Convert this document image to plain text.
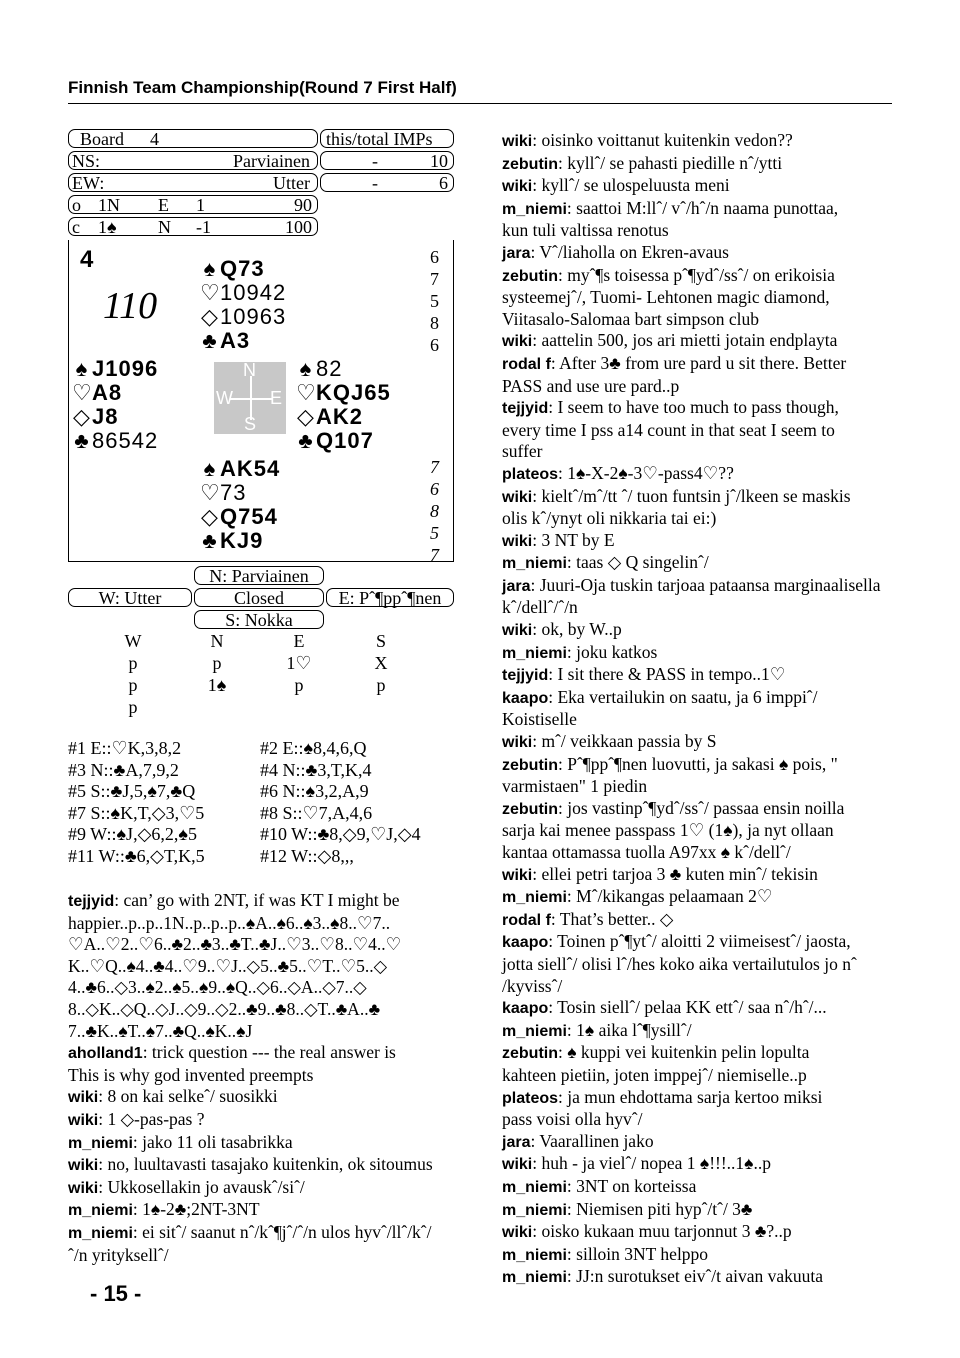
Finnish Team Championship(Round 7 First Half)
Board 4	this/total IMPs
NS:	Parviainen	-	10
EW:	Utter	-	6
o 1N E 1	90
c 1♠ N -1	100
4
110
♠ Q73
♡10942
◇10963
♣ A3
♠ J1096
♡A8
◇J8
♣ 86542
♠ 82
♡KQJ65
◇AK2
♣ Q107
♠ AK54
♡73
◇Q754
♣ KJ9
N
E
S
W
6
7
5
8
6
7
6
8
5
7
N: Parviainen
W: Utter	Closed	E: Pˆ¶ppˆ¶nen
S: Nokka
W	N	E	S
p	p	1♡	X
p	1♠	p	p
p
#1 E::♡K,3,8,2	#2 E::♠8,4,6,Q
#3 N::♣A,7,9,2	#4 N::♣3,T,K,4
#5 S::♣J,5,♠7,♣Q	#6 N::♠3,2,A,9
#7 S::♠K,T,◇3,♡5	#8 S::♡7,A,4,6
#9 W::♠J,◇6,2,♠5	#10 W::♣8,◇9,♡J,◇4
#11 W::♣6,◇T,K,5	#12 W::◇8,,,
tejjyid: can’ go with 2NT, if was KT I might be
happier..p..p..1N..p..p..p..♠A..♠6..♠3..♠8..♡7..
♡A..♡2..♡6..♣2..♣3..♣T..♣J..♡3..♡8..♡4..♡
K..♡Q..♠4..♣4..♡9..♡J..◇5..♣5..♡T..♡5..◇
4..♣6..◇3..♠2..♠5..♠9..♠Q..◇6..◇A..◇7..◇
8..◇K..◇Q..◇J..◇9..◇2..♣9..♣8..◇T..♣A..♣
7..♣K..♠T..♠7..♣Q..♠K..♠J
aholland1: trick question --- the real answer is
This is why god invented preempts
wiki: 8 on kai selkeˆ/ suosikki
wiki: 1 ◇-pas-pas ?
m_niemi: jako 11 oli tasabrikka
wiki: no, luultavasti tasajako kuitenkin, ok sitoumus
wiki: Ukkosellakin jo avauskˆ/siˆ/
m_niemi: 1♠-2♣;2NT-3NT
m_niemi: ei sitˆ/ saanut nˆ/kˆ¶jˆ/ˆ/n ulos hyvˆ/llˆ/kˆ/
ˆ/n yrityksellˆ/
wiki: oisinko voittanut kuitenkin vedon??
zebutin: kyllˆ/ se pahasti piedille nˆ/ytti
wiki: kyllˆ/ se ulospeluusta meni
m_niemi: saattoi M:llˆ/ vˆ/hˆ/n naama punottaa,
kun tuli valtissa renotus
jara: Vˆ/liaholla on Ekren-avaus
zebutin: myˆ¶s toisessa pˆ¶ydˆ/ssˆ/ on erikoisia
systeemejˆ/, Tuomi- Lehtonen magic diamond,
Viitasalo-Salomaa bart simpson club
wiki: aattelin 500, jos ari mietti jotain endplayta
rodal f: After 3♣ from ure pard u sit there. Better
PASS and use ure pard..p
tejjyid: I seem to have too much to pass though,
every time I pss a14 count in that seat I seem to
suffer
plateos: 1♠-X-2♠-3♡-pass4♡??
wiki: kieltˆ/mˆ/tt ˆ/ tuon funtsin jˆ/lkeen se maskis
olis kˆ/ynyt oli nikkaria tai ei:)
wiki: 3 NT by E
m_niemi: taas ◇ Q singelinˆ/
jara: Juuri-Oja tuskin tarjoaa pataansa marginaalisella
kˆ/dellˆ/ˆ/n
wiki: ok, by W..p
m_niemi: joku katkos
tejjyid: I sit there & PASS in tempo..1♡
kaapo: Eka vertailukin on saatu, ja 6 imppiˆ/
Koistiselle
wiki: mˆ/ veikkaan passia by S
zebutin: Pˆ¶ppˆ¶nen luovutti, ja sakasi ♠ pois, "
varmistaen" 1 piedin
zebutin: jos vastinpˆ¶ydˆ/ssˆ/ passaa ensin noilla
sarja kai menee passpass 1♡ (1♠), ja nyt ollaan
kantaa ottamassa tuolla A97xx ♠ kˆ/dellˆ/
wiki: ellei petri tarjoa 3 ♣ kuten minˆ/ tekisin
m_niemi: Mˆ/kikangas pelaamaan 2♡
rodal f: That’s better.. ◇
kaapo: Toinen pˆ¶ytˆ/ aloitti 2 viimeisestˆ/ jaosta,
jotta siellˆ/ olisi lˆ/hes koko aika vertailutulos jo nˆ
/kyvissˆ/
kaapo: Tosin siellˆ/ pelaa KK ettˆ/ saa nˆ/hˆ/...
m_niemi: 1♠ aika lˆ¶ysillˆ/
zebutin: ♠ kuppi vei kuitenkin pelin lopulta
kahteen pietiin, joten imppejˆ/ niemiselle..p
plateos: ja mun ehdottama sarja kertoo miksi
pass voisi olla hyvˆ/
jara: Vaarallinen jako
wiki: huh - ja vielˆ/ nopea 1 ♠!!!..1♠..p
m_niemi: 3NT on korteissa
m_niemi: Niemisen piti hypˆ/tˆ/ 3♣
wiki: oisko kukaan muu tarjonnut 3 ♣?..p
m_niemi: silloin 3NT helppo
m_niemi: JJ:n surotukset eivˆ/t aivan vakuuta
- 15 -
